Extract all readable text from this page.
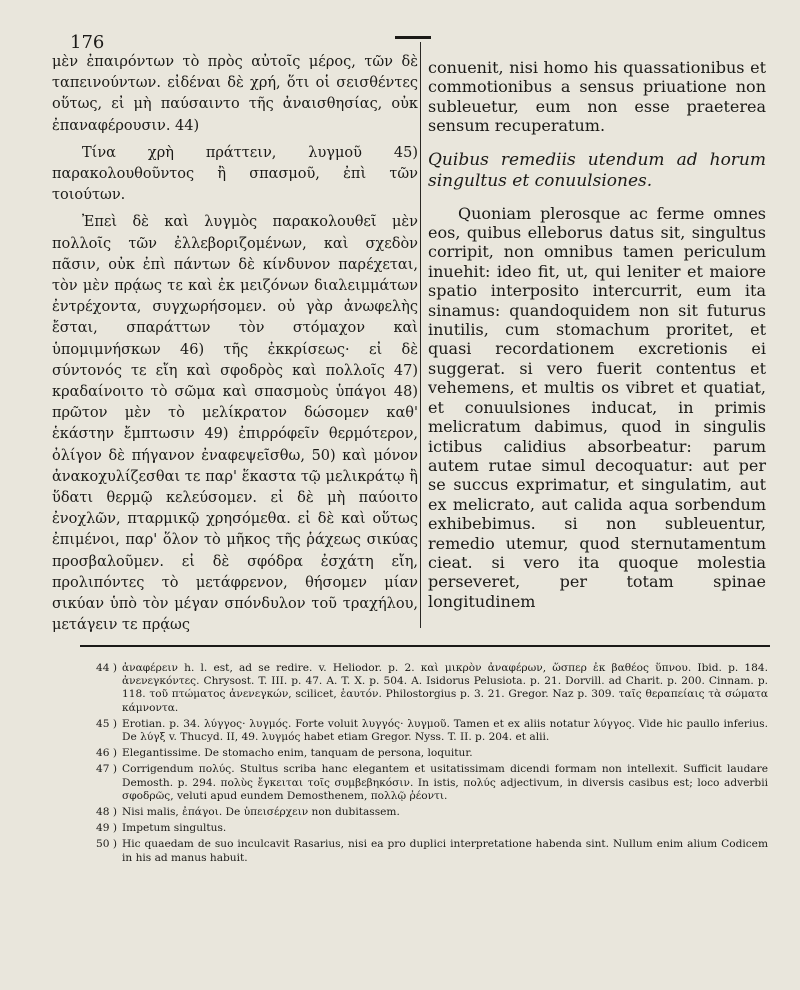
176

μὲν ἐπαιρόντων τὸ πρὸς αὐτοῖς μέρος, τῶν δὲ ταπεινούντων. εἰδέναι δὲ χρή, ὅτι οἱ σεισθέντες οὕτως, εἰ μὴ παύσαιντο τῆς ἀναισθησίας, οὐκ ἐπαναφέρουσιν. 44)

Τίνα χρὴ πράττειν, λυγμοῦ 45) παρακολουθοῦντος ἢ σπασμοῦ, ἐπὶ τῶν τοιούτων.

Ἐπεὶ δὲ καὶ λυγμὸς παρακολουθεῖ μὲν πολλοῖς τῶν ἐλλεβοριζομένων, καὶ σχεδὸν πᾶσιν, οὐκ ἐπὶ πάντων δὲ κίνδυνον παρέχεται, τὸν μὲν πρᾴως τε καὶ ἐκ μειζόνων διαλειμμάτων ἐντρέχοντα, συγχωρήσομεν. οὐ γὰρ ἀνωφελὴς ἔσται, σπαράττων τὸν στόμαχον καὶ ὑπομιμνήσκων 46) τῆς ἐκκρίσεως· εἰ δὲ σύντονός τε εἴη καὶ σφοδρὸς καὶ πολλοῖς 47) κραδαίνοιτο τὸ σῶμα καὶ σπασμοὺς ὑπάγοι 48) πρῶτον μὲν τὸ μελίκρατον δώσομεν καθ' ἑκάστην ἔμπτωσιν 49) ἐπιρρόφεῖν θερμότερον, ὀλίγον δὲ πήγανον ἐναφεψεῖσθω, 50) καὶ μόνον ἀνακοχυλίζεσθαι τε παρ' ἕκαστα τῷ μελικράτῳ ἢ ὕδατι θερμῷ κελεύσομεν. εἰ δὲ μὴ παύοιτο ἐνοχλῶν, πταρμικῷ χρησόμεθα. εἰ δὲ καὶ οὕτως ἐπιμένοι, παρ' ὅλον τὸ μῆκος τῆς ῥάχεως σικύας προσβαλοῦμεν. εἰ δὲ σφόδρα ἐσχάτη εἴη, προλιπόντες τὸ μετάφρενον, θήσομεν μίαν σικύαν ὑπὸ τὸν μέγαν σπόνδυλον τοῦ τραχήλου, μετάγειν τε πρᾴως

conuenit, nisi homo his quassationibus et commotionibus a sensus priuatione non subleuetur, eum non esse praeterea sensum recuperatum.

Quibus remediis utendum ad horum singultus et conuulsiones.

Quoniam plerosque ac ferme omnes eos, quibus elleborus datus sit, singultus corripit, non omnibus tamen periculum inuehit: ideo fit, ut, qui leniter et maiore spatio interposito intercurrit, eum ita sinamus: quandoquidem non sit futurus inutilis, cum stomachum proritet, et quasi recordationem excretionis ei suggerat. si vero fuerit contentus et vehemens, et multis os vibret et quatiat, et conuulsiones inducat, in primis melicratum dabimus, quod in singulis ictibus calidius absorbeatur: parum autem rutae simul decoquatur: aut per se succus exprimatur, et singulatim, aut ex melicrato, aut calida aqua sorbendum exhibebimus. si non subleuentur, remedio utemur, quod sternutamentum cieat. si vero ita quoque molestia perseveret, per totam spinae longitudinem

44 ) ἀναφέρειν h. l. est, ad se redire. v. Heliodor. p. 2. καὶ μικρὸν ἀναφέρων, ὥσπερ ἐκ βαθέος ὕπνου. Ibid. p. 184. ἀνενεγκόντες. Chrysost. T. III. p. 47. A. T. X. p. 504. A. Isidorus Pelusiota. p. 21. Dorvill. ad Charit. p. 200. Cinnam. p. 118. τοῦ πτώματος ἀνενεγκών, scilicet, ἑαυτόν. Philostorgius p. 3. 21. Gregor. Naz p. 309. ταῖς θεραπείαις τὰ σώματα κάμνοντα.
45 ) Erotian. p. 34. λύγγος· λυγμός. Forte voluit λυγγός· λυγμοῦ. Tamen et ex aliis notatur λύγγος. Vide hic paullo inferius. De λύγξ v. Thucyd. II, 49. λυγμός habet etiam Gregor. Nyss. T. II. p. 204. et alii.
46 ) Elegantissime. De stomacho enim, tanquam de persona, loquitur.
47 ) Corrigendum πολύς. Stultus scriba hanc elegantem et usitatissimam dicendi formam non intellexit. Sufficit laudare Demosth. p. 294. πολὺς ἔγκειται τοῖς συμβεβηκόσιν. In istis, πολύς adjectivum, in diversis casibus est; loco adverbii σφοδρῶς, veluti apud eundem Demosthenem, πολλῷ ῥέοντι.
48 ) Nisi malis, ἐπάγοι. De ὑπεισέρχειν non dubitassem.
49 ) Impetum singultus.
50 ) Hic quaedam de suo inculcavit Rasarius, nisi ea pro duplici interpretatione habenda sint. Nullum enim alium Codicem in his ad manus habuit.
